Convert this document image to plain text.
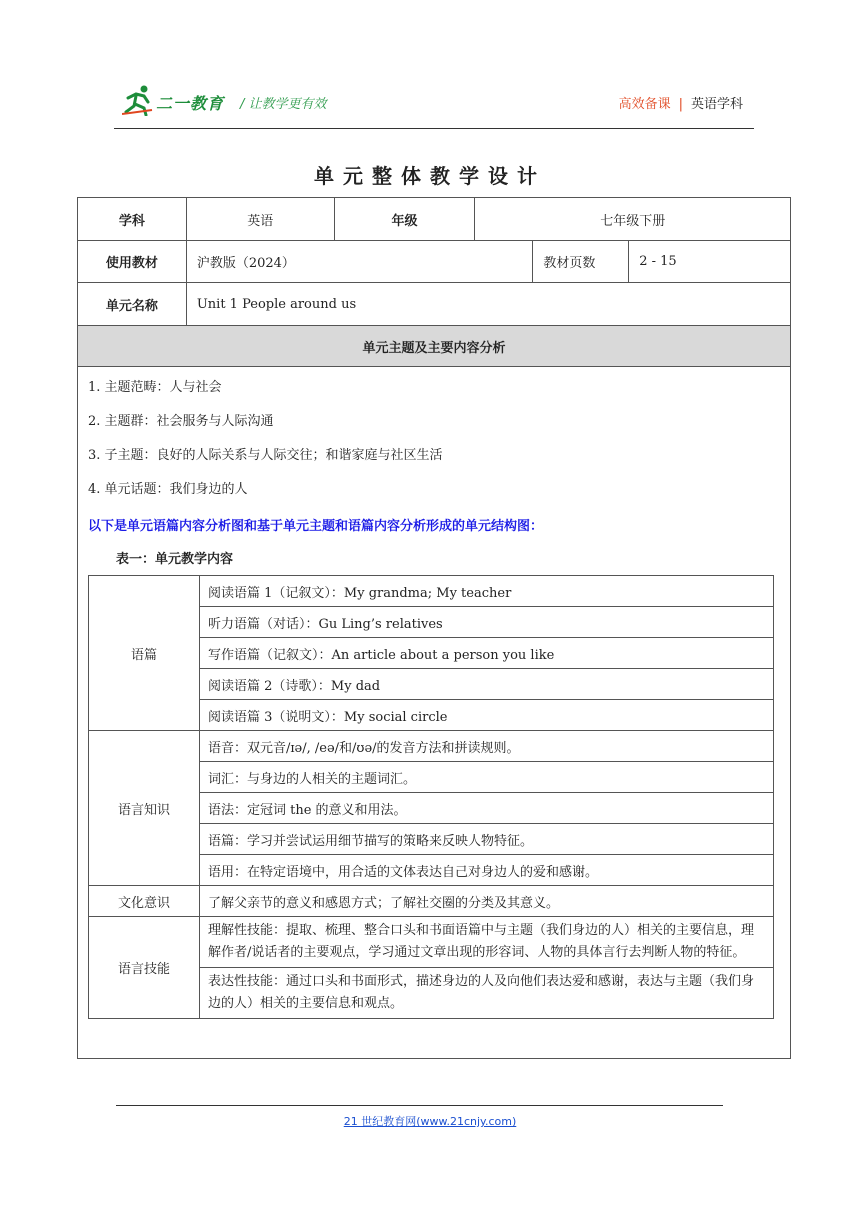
二一教育 / 让教学更有效	高效备课 | 英语学科
单元整体教学设计
学科	英语	年级	七年级下册
使用教材	沪教版（2024）	教材页数	2 - 15
单元名称	Unit 1 People around us
单元主题及主要内容分析

1. 主题范畴：人与社会

2. 主题群：社会服务与人际沟通

3. 子主题：良好的人际关系与人际交往；和谐家庭与社区生活

4. 单元话题：我们身边的人

以下是单元语篇内容分析图和基于单元主题和语篇内容分析形成的单元结构图：

表一：单元教学内容

语篇	阅读语篇 1（记叙文）：My grandma; My teacher
听力语篇（对话）：Gu Ling’s relatives
写作语篇（记叙文）：An article about a person you like
阅读语篇 2（诗歌）：My dad
阅读语篇 3（说明文）：My social circle
语言知识	语音：双元音/ɪə/, /eə/和/ʊə/的发音方法和拼读规则。
词汇：与身边的人相关的主题词汇。
语法：定冠词 the 的意义和用法。
语篇：学习并尝试运用细节描写的策略来反映人物特征。
语用：在特定语境中，用合适的文体表达自己对身边人的爱和感谢。
文化意识	了解父亲节的意义和感恩方式；了解社交圈的分类及其意义。
语言技能	理解性技能：提取、梳理、整合口头和书面语篇中与主题（我们身边的人）相关的主要信息，理解作者/说话者的主要观点，学习通过文章出现的形容词、人物的具体言行去判断人物的特征。
表达性技能：通过口头和书面形式，描述身边的人及向他们表达爱和感谢，表达与主题（我们身边的人）相关的主要信息和观点。
21 世纪教育网(www.21cnjy.com)
